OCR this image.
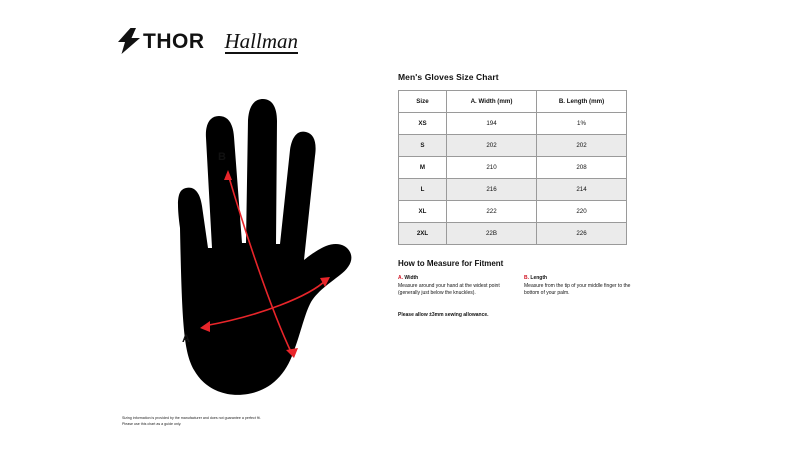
THOR Hallman
B
A
Men's Gloves Size Chart
Size	A. Width (mm)	B. Length (mm)
XS	194	1%
S	202	202
M	210	208
L	216	214
XL	222	220
2XL	22B	226
How to Measure for Fitment
A. Width
Measure around your hand at the widest point (generally just below the knuckles).
B. Length
Measure from the tip of your middle finger to the bottom of your palm.
Please allow ±3mm sewing allowance.
Sizing information is provided by the manufacturer and does not guarantee a perfect fit.
Please use this chart as a guide only.
